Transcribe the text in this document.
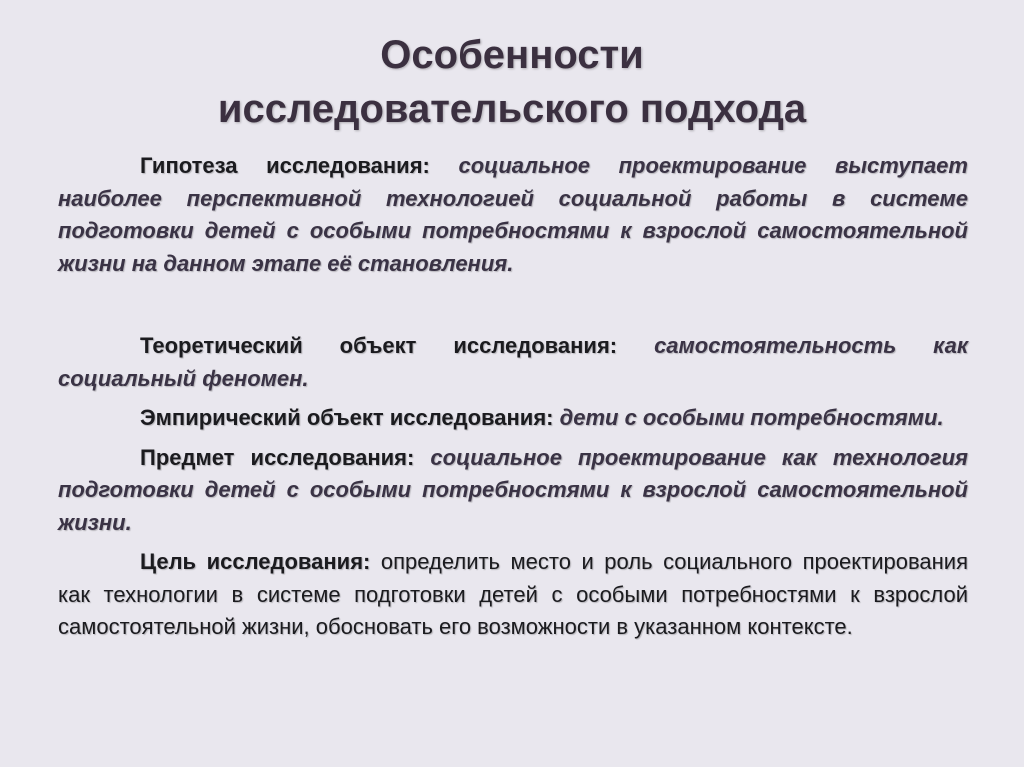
Особенности
исследовательского подхода

Гипотеза исследования: социальное проектирование выступает наиболее перспективной технологией социальной работы в системе подготовки детей с особыми потребностями к взрослой самостоятельной жизни на данном этапе её становления.

Теоретический объект исследования: самостоятельность как социальный феномен.

Эмпирический объект исследования: дети с особыми потребностями.

Предмет исследования: социальное проектирование как технология подготовки детей с особыми потребностями к взрослой самостоятельной жизни.

Цель исследования: определить место и роль социального проектирования как технологии в системе подготовки детей с особыми потребностями к взрослой самостоятельной жизни, обосновать его возможности в указанном контексте.
